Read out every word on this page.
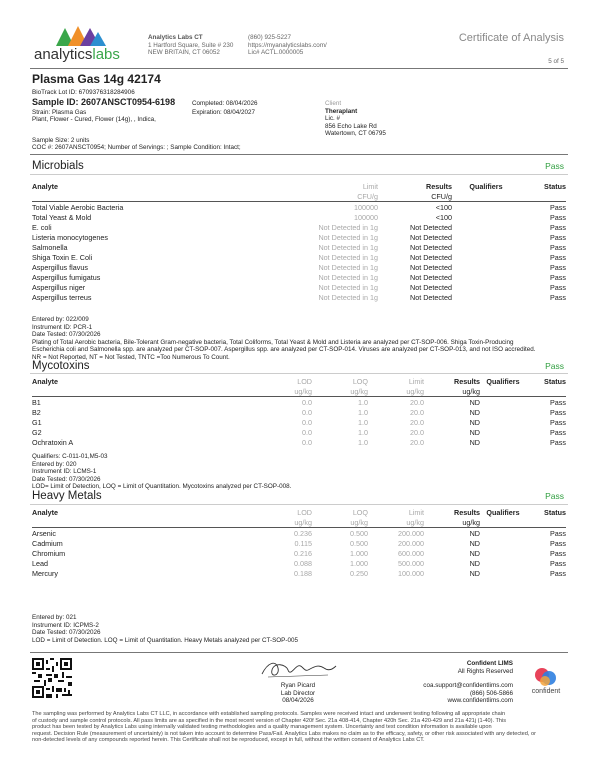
analyticslabs
Analytics Labs CT
1 Hartford Square, Suite # 230
NEW BRITAIN, CT 06052
(860) 925-5227
https://myanalyticslabs.com/
Lic# ACTL.0000005
Certificate of Analysis
5 of 5
Plasma Gas 14g 42174
BioTrack Lot ID: 6709376318284906
Sample ID: 2607ANSCT0954-6198
Strain: Plasma Gas
Plant, Flower - Cured, Flower (14g), , Indica,
Completed: 08/04/2026
Expiration: 08/04/2027
Client
Theraplant
Lic. #
856 Echo Lake Rd
Watertown, CT 06795
Sample Size: 2 units
COC #: 2607ANSCT0954; Number of Servings: ; Sample Condition: Intact;
Microbials	Pass
Analyte	Limit	Results	Qualifiers	Status
	CFU/g	CFU/g		
Total Viable Aerobic Bacteria	100000	<100		Pass
Total Yeast & Mold	100000	<100		Pass
E. coli	Not Detected in 1g	Not Detected		Pass
Listeria monocytogenes	Not Detected in 1g	Not Detected		Pass
Salmonella	Not Detected in 1g	Not Detected		Pass
Shiga Toxin E. Coli	Not Detected in 1g	Not Detected		Pass
Aspergillus flavus	Not Detected in 1g	Not Detected		Pass
Aspergillus fumigatus	Not Detected in 1g	Not Detected		Pass
Aspergillus niger	Not Detected in 1g	Not Detected		Pass
Aspergillus terreus	Not Detected in 1g	Not Detected		Pass
Entered by: 022/009
Instrument ID: PCR-1
Date Tested: 07/30/2026
Plating of Total Aerobic bacteria, Bile-Tolerant Gram-negative bacteria, Total Coliforms, Total Yeast & Mold and Listeria are analyzed per CT-SOP-006. Shiga Toxin-Producing
Escherichia coli and Salmonella spp. are analyzed per CT-SOP-007. Aspergillus spp. are analyzed per CT-SOP-014. Viruses are analyzed per CT-SOP-013, and not ISO accredited.
NR = Not Reported, NT = Not Tested, TNTC =Too Numerous To Count.
Mycotoxins	Pass
Analyte	LOD	LOQ	Limit	Results	Qualifiers	Status
	ug/kg	ug/kg	ug/kg	ug/kg		
B1	0.0	1.0	20.0	ND		Pass
B2	0.0	1.0	20.0	ND		Pass
G1	0.0	1.0	20.0	ND		Pass
G2	0.0	1.0	20.0	ND		Pass
Ochratoxin A	0.0	1.0	20.0	ND		Pass
Qualifiers: C-011-01,M5-03
Entered by: 020
Instrument ID: LCMS-1
Date Tested: 07/30/2026
LOD= Limit of Detection, LOQ = Limit of Quantitation. Mycotoxins analyzed per CT-SOP-008.
Heavy Metals	Pass
Analyte	LOD	LOQ	Limit	Results	Qualifiers	Status
	ug/kg	ug/kg	ug/kg	ug/kg		
Arsenic	0.236	0.500	200.000	ND		Pass
Cadmium	0.115	0.500	200.000	ND		Pass
Chromium	0.216	1.000	600.000	ND		Pass
Lead	0.088	1.000	500.000	ND		Pass
Mercury	0.188	0.250	100.000	ND		Pass
Entered by: 021
Instrument ID: ICPMS-2
Date Tested: 07/30/2026
LOD = Limit of Detection. LOQ = Limit of Quantitation. Heavy Metals analyzed per CT-SOP-005
Ryan Picard
Lab Director
08/04/2026
Confident LIMS
All Rights Reserved
coa.support@confidentlims.com
(866) 506-5866
www.confidentlims.com
confident
The sampling was performed by Analytics Labs CT LLC, in accordance with established sampling protocols. Samples were received intact and underwent testing following all appropriate chain
of custody and sample control protocols. All pass limits are as specified in the most recent version of Chapter 420f Sec. 21a 408-414, Chapter 420h Sec. 21a 420-429 and 21a 421j (1-40). This
product has been tested by Analytics Labs using internally validated testing methodologies and a quality management system. Uncertainty and test condition information is available upon
request. Decision Rule (measurement of uncertainty) is not taken into account to determine Pass/Fail. Analytics Labs makes no claim as to the efficacy, safety, or other risk associated with any detected, or
non-detected levels of any compounds reported herein. This Certificate shall not be reproduced, except in full, without the written consent of Analytics Labs CT.
